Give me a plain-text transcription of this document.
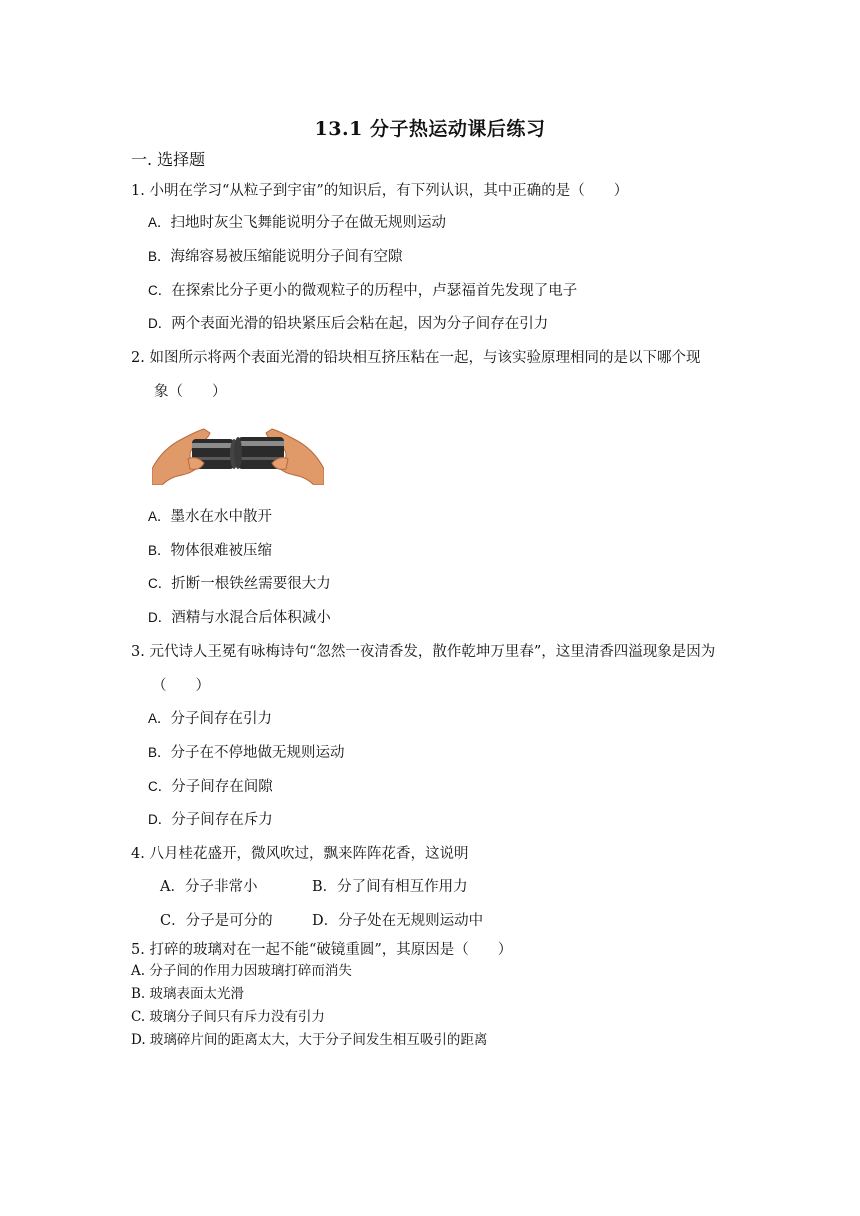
13.1 分子热运动课后练习
一. 选择题
1. 小明在学习“从粒子到宇宙”的知识后，有下列认识，其中正确的是（　　）
A．扫地时灰尘飞舞能说明分子在做无规则运动
B．海绵容易被压缩能说明分子间有空隙
C．在探索比分子更小的微观粒子的历程中，卢瑟福首先发现了电子
D．两个表面光滑的铅块紧压后会粘在起，因为分子间存在引力
2. 如图所示将两个表面光滑的铅块相互挤压粘在一起，与该实验原理相同的是以下哪个现
象（　　）
A．墨水在水中散开
B．物体很难被压缩
C．折断一根铁丝需要很大力
D．酒精与水混合后体积减小
3. 元代诗人王冕有咏梅诗句“忽然一夜清香发，散作乾坤万里春”，这里清香四溢现象是因为
（　　）
A．分子间存在引力
B．分子在不停地做无规则运动
C．分子间存在间隙
D．分子间存在斥力
4. 八月桂花盛开，微风吹过，飘来阵阵花香，这说明
A．分子非常小	B．分了间有相互作用力
C．分子是可分的	D．分子处在无规则运动中
5. 打碎的玻璃对在一起不能“破镜重圆”，其原因是（　　）
A. 分子间的作用力因玻璃打碎而消失
B. 玻璃表面太光滑
C. 玻璃分子间只有斥力没有引力
D. 玻璃碎片间的距离太大，大于分子间发生相互吸引的距离
